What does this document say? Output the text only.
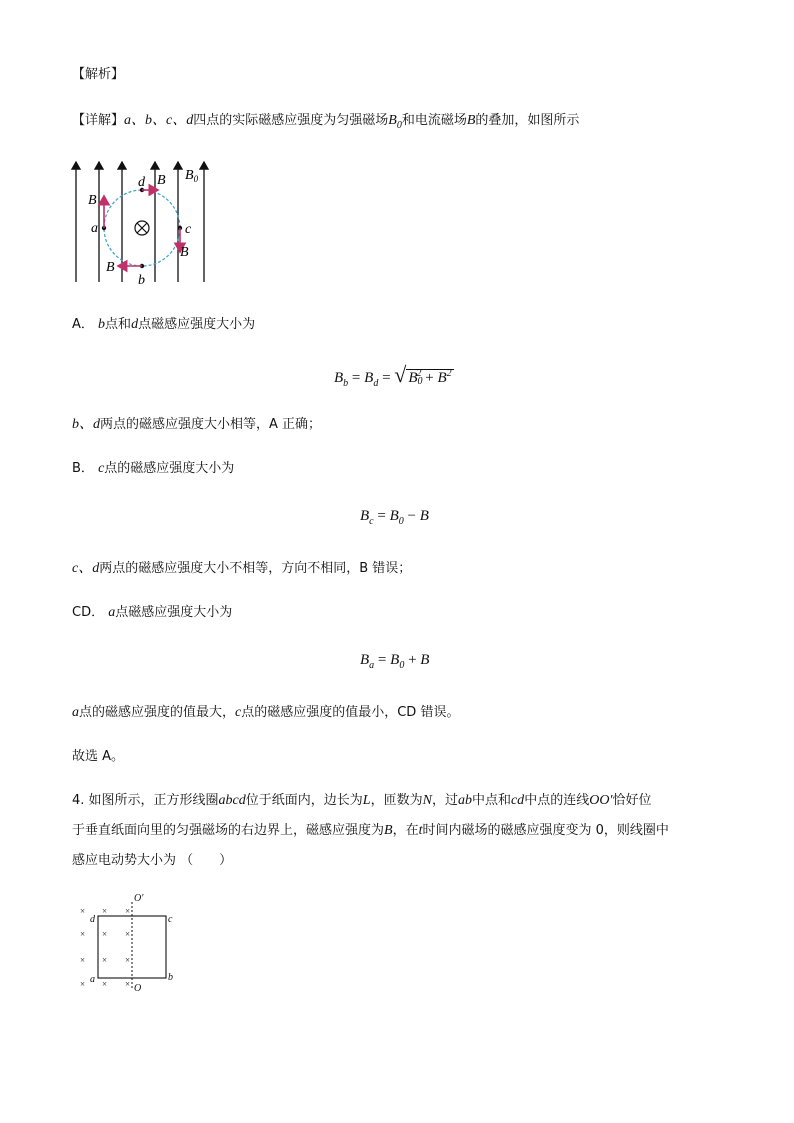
【解析】
【详解】a、b、c、d四点的实际磁感应强度为匀强磁场$B_0$和电流磁场B的叠加，如图所示
$B_0$
B
B
B
B
a
b
c
d
A． b点和d点磁感应强度大小为
$B_b = B_d$ = √ $B_0^2 + B^2$
b、d两点的磁感应强度大小相等，A 正确；
B． c点的磁感应强度大小为
$B_c = B_0 - B$
c、d两点的磁感应强度大小不相等，方向不相同，B 错误；
CD． a点磁感应强度大小为
$B_a = B_0 + B$
a点的磁感应强度的值最大，c点的磁感应强度的值最小，CD 错误。
故选 A。
4. 如图所示，正方形线圈abcd位于纸面内，边长为L，匝数为N，过ab中点和cd中点的连线OO′恰好位
于垂直纸面向里的匀强磁场的右边界上，磁感应强度为B，在t时间内磁场的磁感应强度变为 0，则线圈中
感应电动势大小为 （　　）
× × ×
× × ×
× × ×
× × ×
d	c
a	b
O′
O
